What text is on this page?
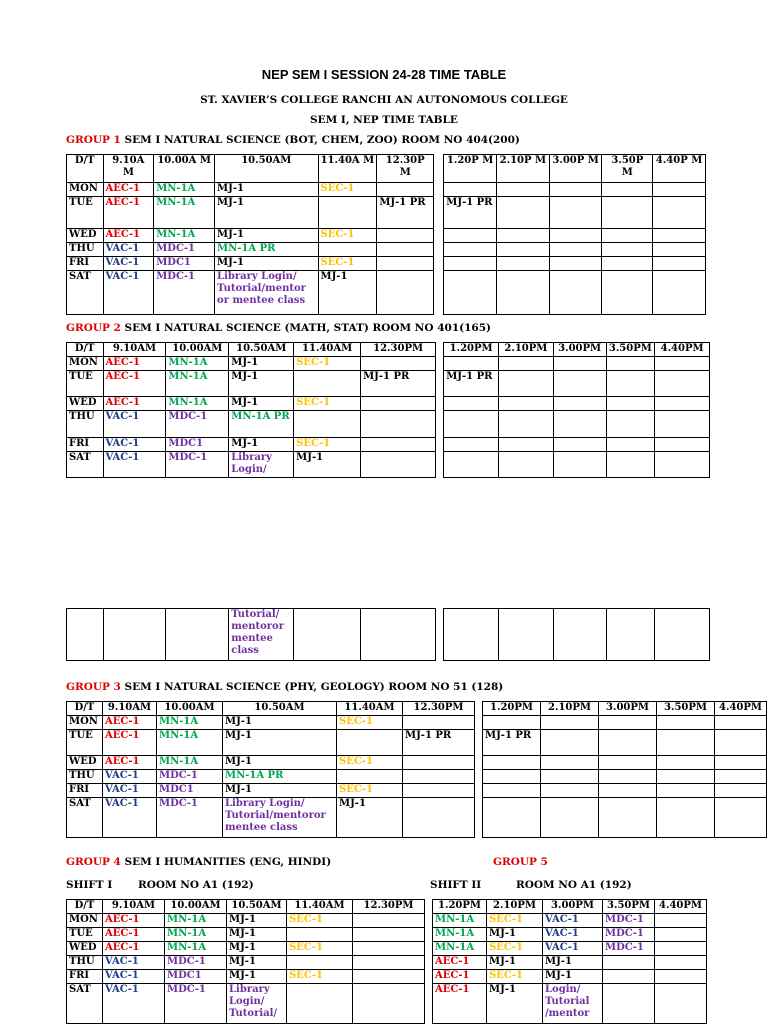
NEP SEM I SESSION 24-28 TIME TABLE
ST. XAVIER’S COLLEGE RANCHI AN AUTONOMOUS COLLEGE
SEM I, NEP TIME TABLE
GROUP 1 SEM I NATURAL SCIENCE (BOT, CHEM, ZOO) ROOM NO 404(200)
D/T	9.10A M	10.00A M	10.50AM	11.40A M	12.30P M		1.20P M	2.10P M	3.00P M	3.50P M	4.40P M
MON	AEC-1	MN-1A	MJ-1	SEC-1							
TUE	AEC-1	MN-1A	MJ-1		MJ-1 PR		MJ-1 PR				
WED	AEC-1	MN-1A	MJ-1	SEC-1							
THU	VAC-1	MDC-1	MN-1A PR								
FRI	VAC-1	MDC1	MJ-1	SEC-1							
SAT	VAC-1	MDC-1	Library Login/ Tutorial/mentor or mentee class	MJ-1							
GROUP 2 SEM I NATURAL SCIENCE (MATH, STAT) ROOM NO 401(165)
D/T	9.10AM	10.00AM	10.50AM	11.40AM	12.30PM		1.20PM	2.10PM	3.00PM	3.50PM	4.40PM
MON	AEC-1	MN-1A	MJ-1	SEC-1							
TUE	AEC-1	MN-1A	MJ-1		MJ-1 PR		MJ-1 PR				
WED	AEC-1	MN-1A	MJ-1	SEC-1							
THU	VAC-1	MDC-1	MN-1A PR								
FRI	VAC-1	MDC1	MJ-1	SEC-1							
SAT	VAC-1	MDC-1	Library Login/	MJ-1							
			Tutorial/ mentoror mentee class								
GROUP 3 SEM I NATURAL SCIENCE (PHY, GEOLOGY) ROOM NO 51 (128)
D/T	9.10AM	10.00AM	10.50AM	11.40AM	12.30PM		1.20PM	2.10PM	3.00PM	3.50PM	4.40PM
MON	AEC-1	MN-1A	MJ-1	SEC-1							
TUE	AEC-1	MN-1A	MJ-1		MJ-1 PR		MJ-1 PR				
WED	AEC-1	MN-1A	MJ-1	SEC-1							
THU	VAC-1	MDC-1	MN-1A PR								
FRI	VAC-1	MDC1	MJ-1	SEC-1							
SAT	VAC-1	MDC-1	Library Login/ Tutorial/mentoror mentee class	MJ-1							
GROUP 4 SEM I HUMANITIES (ENG, HINDI)	GROUP 5
SHIFT I ROOM NO A1 (192)	SHIFT II	ROOM NO A1 (192)
D/T	9.10AM	10.00AM	10.50AM	11.40AM	12.30PM		1.20PM	2.10PM	3.00PM	3.50PM	4.40PM
MON	AEC-1	MN-1A	MJ-1	SEC-1			MN-1A	SEC-1	VAC-1	MDC-1	
TUE	AEC-1	MN-1A	MJ-1				MN-1A	MJ-1	VAC-1	MDC-1	
WED	AEC-1	MN-1A	MJ-1	SEC-1			MN-1A	SEC-1	VAC-1	MDC-1	
THU	VAC-1	MDC-1	MJ-1				AEC-1	MJ-1	MJ-1		
FRI	VAC-1	MDC1	MJ-1	SEC-1			AEC-1	SEC-1	MJ-1		
SAT	VAC-1	MDC-1	Library Login/ Tutorial/				AEC-1	MJ-1	Login/ Tutorial /mentor		
